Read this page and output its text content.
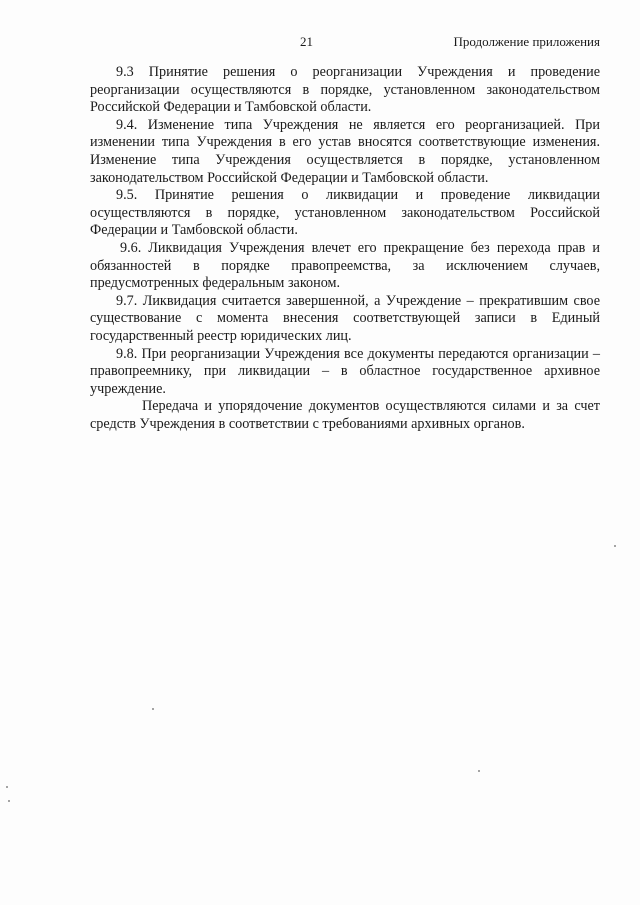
21	Продолжение приложения

9.3 Принятие решения о реорганизации Учреждения и проведение реорганизации осуществляются в порядке, установленном законодательством Российской Федерации и Тамбовской области.

9.4. Изменение типа Учреждения не является его реорганизацией. При изменении типа Учреждения в его устав вносятся соответствующие изменения. Изменение типа Учреждения осуществляется в порядке, установленном законодательством Российской Федерации и Тамбовской области.

9.5. Принятие решения о ликвидации и проведение ликвидации осуществляются в порядке, установленном законодательством Российской Федерации и Тамбовской области.

9.6. Ликвидация Учреждения влечет его прекращение без перехода прав и обязанностей в порядке правопреемства, за исключением случаев, предусмотренных федеральным законом.

9.7. Ликвидация считается завершенной, а Учреждение – прекратившим свое существование с момента внесения соответствующей записи в Единый государственный реестр юридических лиц.

9.8. При реорганизации Учреждения все документы передаются организации – правопреемнику, при ликвидации – в областное государственное архивное учреждение.

Передача и упорядочение документов осуществляются силами и за счет средств Учреждения в соответствии с требованиями архивных органов.
